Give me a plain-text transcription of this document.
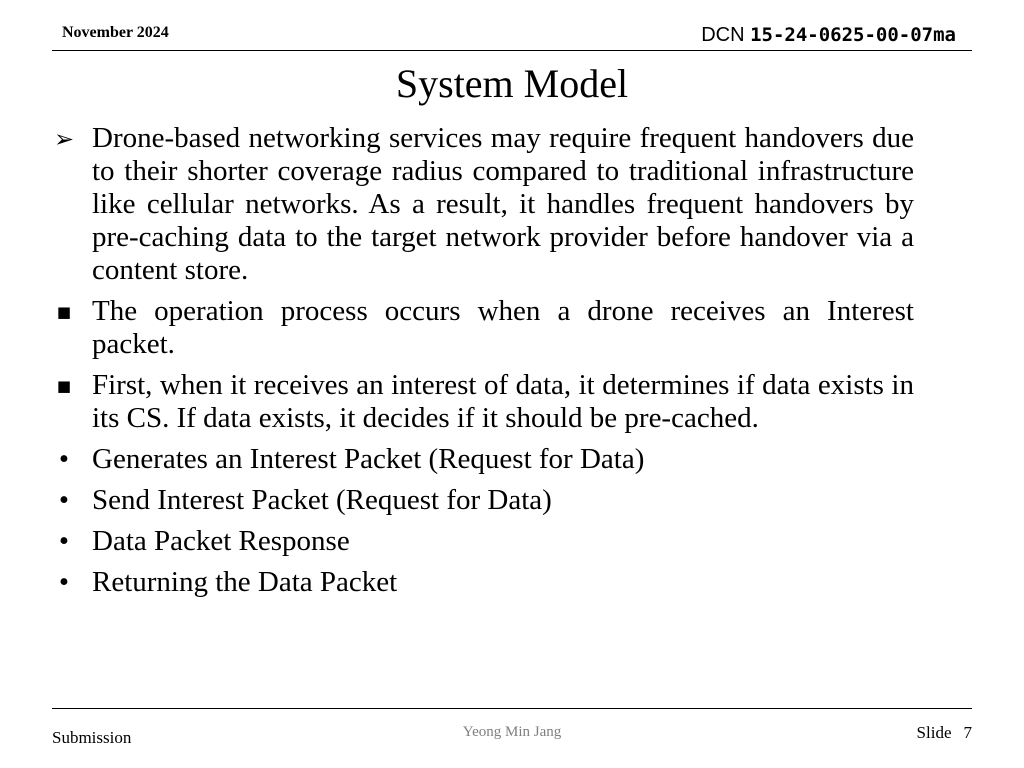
November 2024	DCN 15-24-0625-00-07ma
System Model
➢ Drone-based networking services may require frequent handovers due to their shorter coverage radius compared to traditional infrastructure like cellular networks. As a result, it handles frequent handovers by pre-caching data to the target network provider before handover via a content store.
■ The operation process occurs when a drone receives an Interest packet.
■ First, when it receives an interest of data, it determines if data exists in its CS. If data exists, it decides if it should be pre-cached.
• Generates an Interest Packet (Request for Data)
• Send Interest Packet (Request for Data)
• Data Packet Response
• Returning the Data Packet
Submission	Yeong Min Jang	Slide 7
